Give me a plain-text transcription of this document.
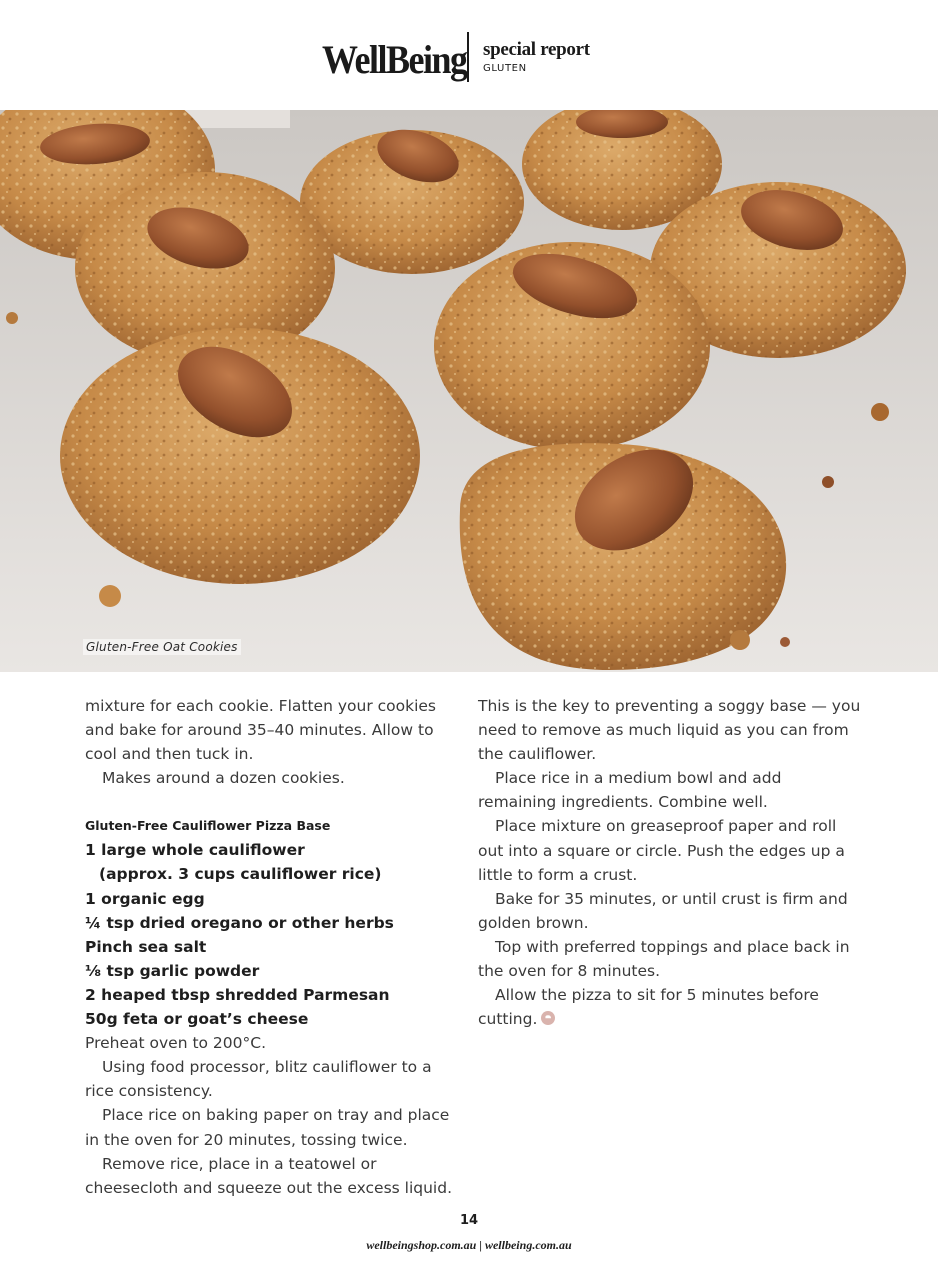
WellBeing special report
GLUTEN
Gluten-Free Oat Cookies

mixture for each cookie. Flatten your cookies and bake for around 35–40 minutes. Allow to cool and then tuck in.

Makes around a dozen cookies.

Gluten-Free Cauliflower Pizza Base

1 large whole cauliflower

(approx. 3 cups cauliflower rice)

1 organic egg

¼ tsp dried oregano or other herbs

Pinch sea salt

⅛ tsp garlic powder

2 heaped tbsp shredded Parmesan

50g feta or goat’s cheese

Preheat oven to 200°C.

Using food processor, blitz cauliflower to a rice consistency.

Place rice on baking paper on tray and place in the oven for 20 minutes, tossing twice.

Remove rice, place in a teatowel or cheesecloth and squeeze out the excess liquid.

This is the key to preventing a soggy base — you need to remove as much liquid as you can from the cauliflower.

Place rice in a medium bowl and add remaining ingredients. Combine well.

Place mixture on greaseproof paper and roll out into a square or circle. Push the edges up a little to form a crust.

Bake for 35 minutes, or until crust is firm and golden brown.

Top with preferred toppings and place back in the oven for 8 minutes.

Allow the pizza to sit for 5 minutes before cutting.

14
wellbeingshop.com.au | wellbeing.com.au
